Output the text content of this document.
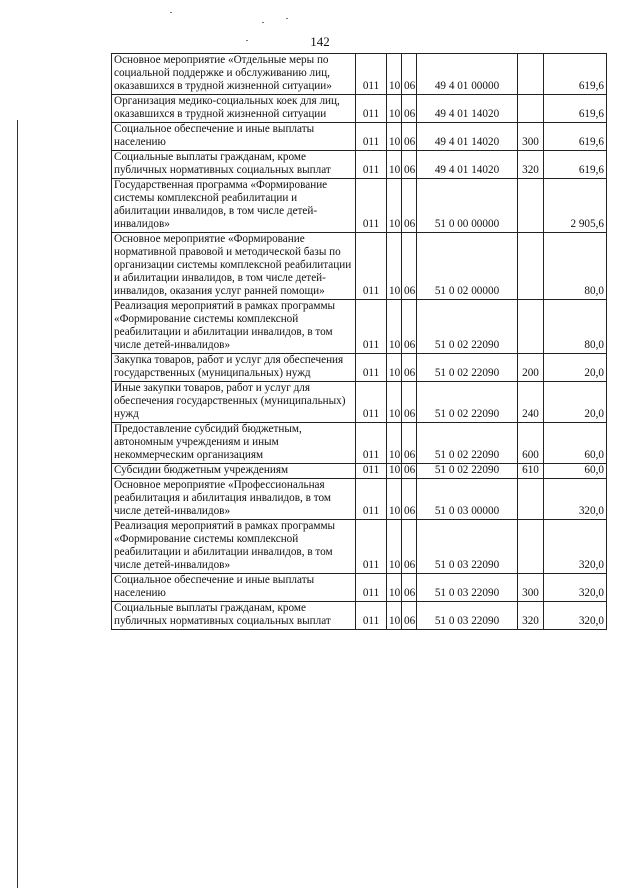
142
Основное мероприятие «Отдельные меры по социальной поддержке и обслуживанию лиц, оказавшихся в трудной жизненной ситуации»	011	10	06	49 4 01 00000		619,6
Организация медико-социальных коек для лиц, оказавшихся в трудной жизненной ситуации	011	10	06	49 4 01 14020		619,6
Социальное обеспечение и иные выплаты населению	011	10	06	49 4 01 14020	300	619,6
Социальные выплаты гражданам, кроме публичных нормативных социальных выплат	011	10	06	49 4 01 14020	320	619,6
Государственная программа «Формирование системы комплексной реабилитации и абилитации инвалидов, в том числе детей-инвалидов»	011	10	06	51 0 00 00000		2 905,6
Основное мероприятие «Формирование нормативной правовой и методической базы по организации системы комплексной реабилитации и абилитации инвалидов, в том числе детей-инвалидов, оказания услуг ранней помощи»	011	10	06	51 0 02 00000		80,0
Реализация мероприятий в рамках программы «Формирование системы комплексной реабилитации и абилитации инвалидов, в том числе детей-инвалидов»	011	10	06	51 0 02 22090		80,0
Закупка товаров, работ и услуг для обеспечения государственных (муниципальных) нужд	011	10	06	51 0 02 22090	200	20,0
Иные закупки товаров, работ и услуг для обеспечения государственных (муниципальных) нужд	011	10	06	51 0 02 22090	240	20,0
Предоставление субсидий бюджетным, автономным учреждениям и иным некоммерческим организациям	011	10	06	51 0 02 22090	600	60,0
Субсидии бюджетным учреждениям	011	10	06	51 0 02 22090	610	60,0
Основное мероприятие «Профессиональная реабилитация и абилитация инвалидов, в том числе детей-инвалидов»	011	10	06	51 0 03 00000		320,0
Реализация мероприятий в рамках программы «Формирование системы комплексной реабилитации и абилитации инвалидов, в том числе детей-инвалидов»	011	10	06	51 0 03 22090		320,0
Социальное обеспечение и иные выплаты населению	011	10	06	51 0 03 22090	300	320,0
Социальные выплаты гражданам, кроме публичных нормативных социальных выплат	011	10	06	51 0 03 22090	320	320,0
